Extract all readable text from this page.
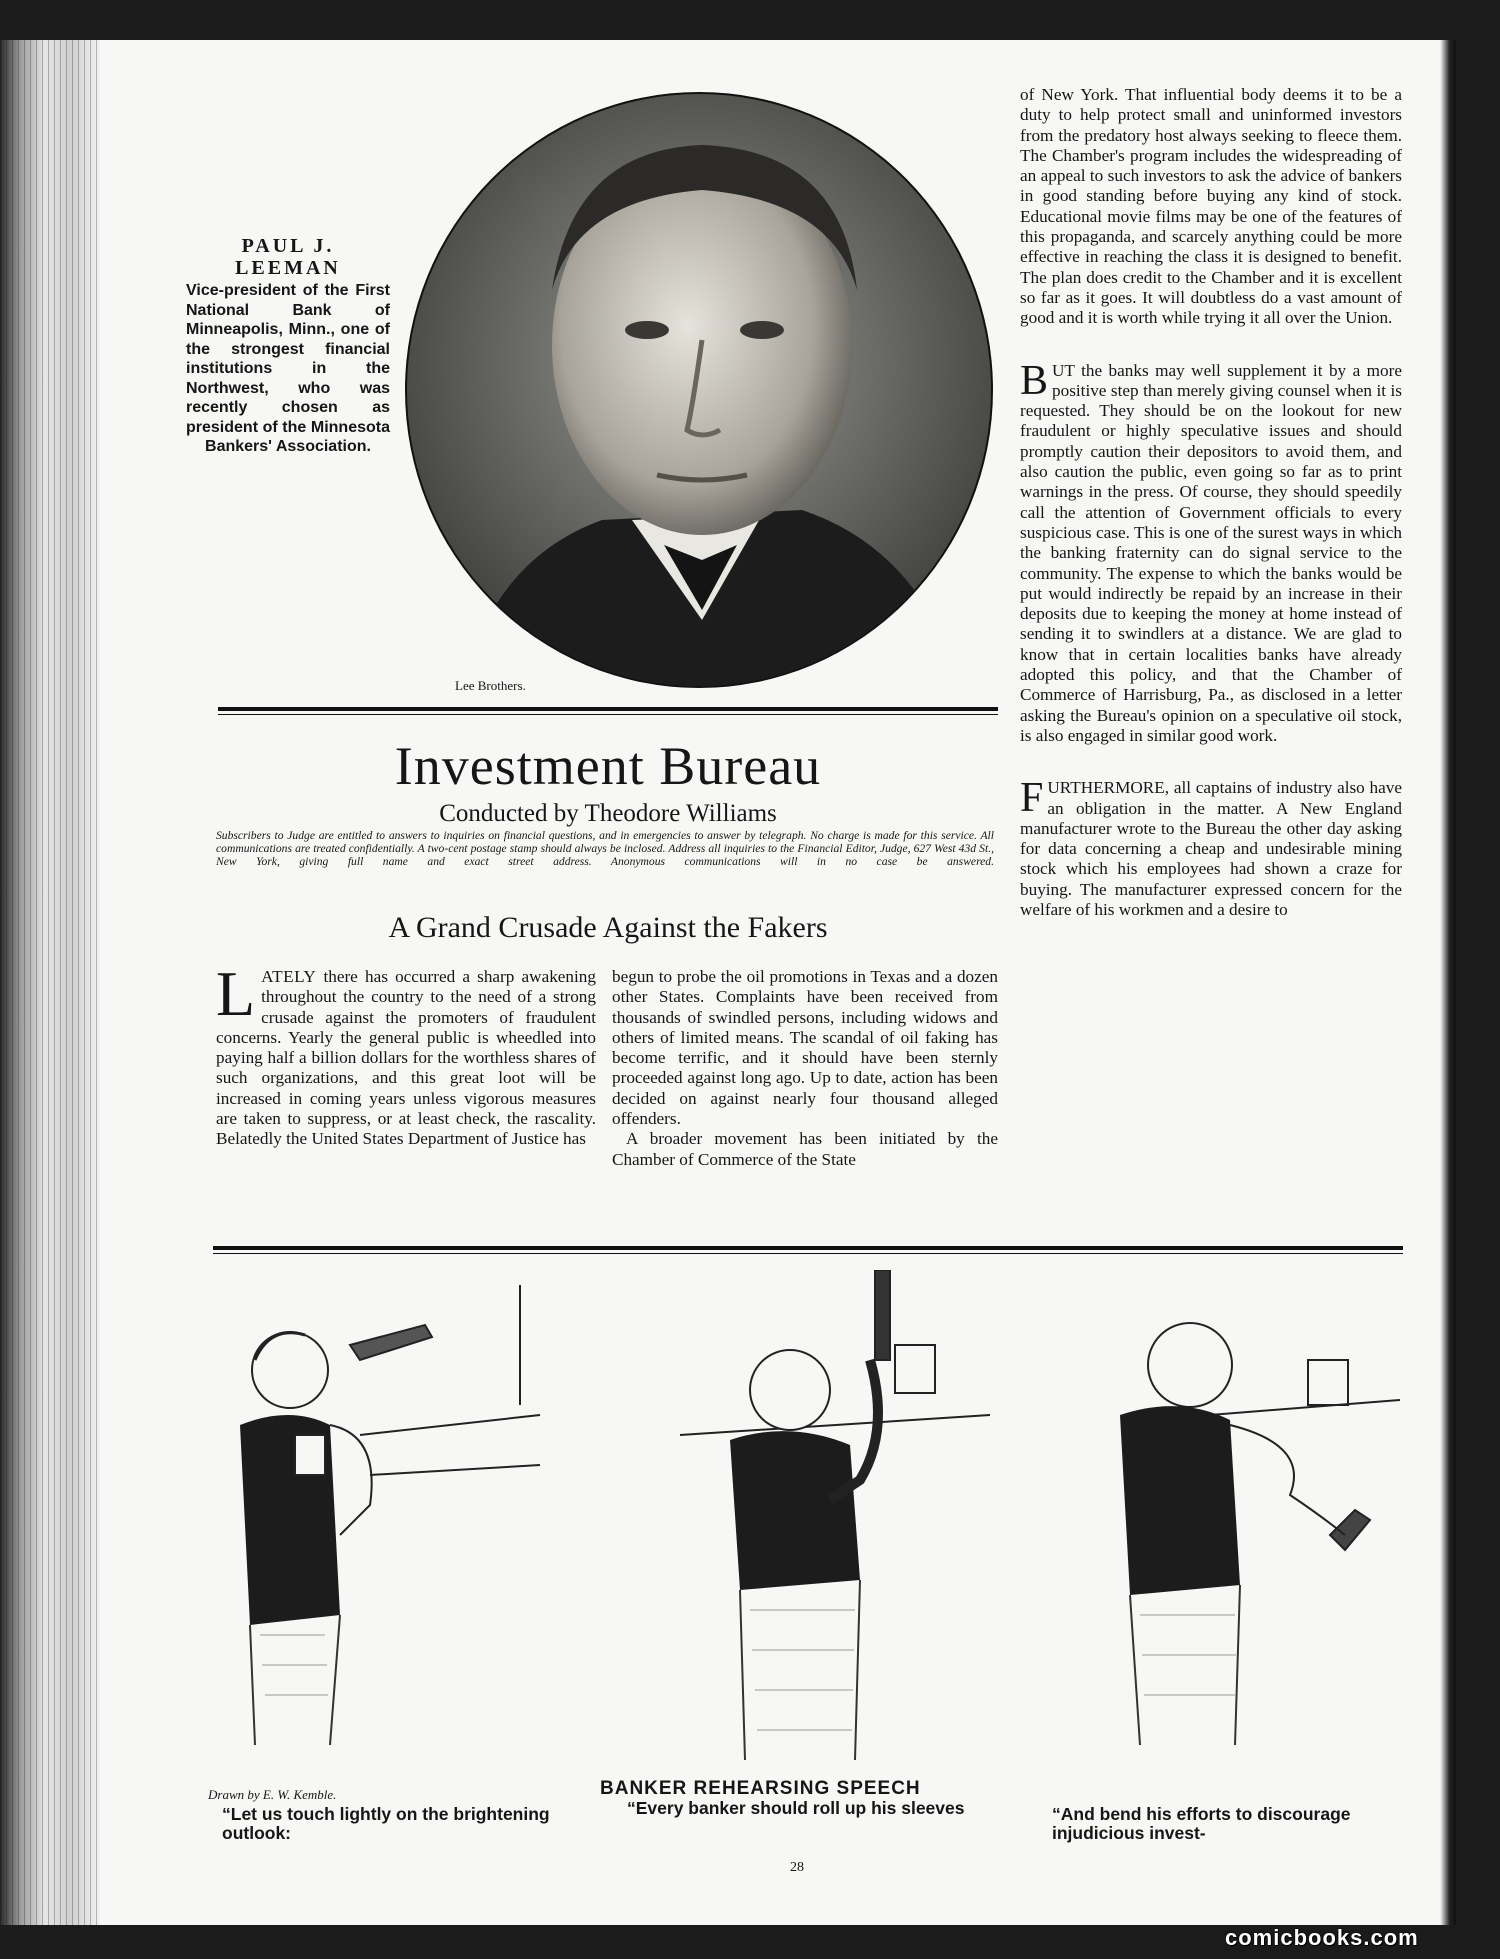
PAUL J.
LEEMAN
Vice-president of the First National Bank of Minneapolis, Minn., one of the strongest financial institutions in the Northwest, who was recently chosen as president of the Minnesota Bankers' Association.
Lee Brothers.
Investment Bureau
Conducted by Theodore Williams
Subscribers to Judge are entitled to answers to inquiries on financial questions, and in emergencies to answer by telegraph. No charge is made for this service. All communications are treated confidentially. A two-cent postage stamp should always be inclosed. Address all inquiries to the Financial Editor, Judge, 627 West 43d St., New York, giving full name and exact street address. Anonymous communications will in no case be answered.
A Grand Crusade Against the Fakers

LATELY there has occurred a sharp awakening throughout the country to the need of a strong crusade against the promoters of fraudulent concerns. Yearly the general public is wheedled into paying half a billion dollars for the worthless shares of such organizations, and this great loot will be increased in coming years unless vigorous measures are taken to suppress, or at least check, the rascality. Belatedly the United States Department of Justice has

begun to probe the oil promotions in Texas and a dozen other States. Complaints have been received from thousands of swindled persons, including widows and others of limited means. The scandal of oil faking has become terrific, and it should have been sternly proceeded against long ago. Up to date, action has been decided on against nearly four thousand alleged offenders.

A broader movement has been initiated by the Chamber of Commerce of the State

of New York. That influential body deems it to be a duty to help protect small and uninformed investors from the predatory host always seeking to fleece them. The Chamber's program includes the widespreading of an appeal to such investors to ask the advice of bankers in good standing before buying any kind of stock. Educational movie films may be one of the features of this propaganda, and scarcely anything could be more effective in reaching the class it is designed to benefit. The plan does credit to the Chamber and it is excellent so far as it goes. It will doubtless do a vast amount of good and it is worth while trying it all over the Union.

BUT the banks may well supplement it by a more positive step than merely giving counsel when it is requested. They should be on the lookout for new fraudulent or highly speculative issues and should promptly caution their depositors to avoid them, and also caution the public, even going so far as to print warnings in the press. Of course, they should speedily call the attention of Government officials to every suspicious case. This is one of the surest ways in which the banking fraternity can do signal service to the community. The expense to which the banks would be put would indirectly be repaid by an increase in their deposits due to keeping the money at home instead of sending it to swindlers at a distance. We are glad to know that in certain localities banks have already adopted this policy, and that the Chamber of Commerce of Harrisburg, Pa., as disclosed in a letter asking the Bureau's opinion on a speculative oil stock, is also engaged in similar good work.

FURTHERMORE, all captains of industry also have an obligation in the matter. A New England manufacturer wrote to the Bureau the other day asking for data concerning a cheap and undesirable mining stock which his employees had shown a craze for buying. The manufacturer expressed concern for the welfare of his workmen and a desire to

Drawn by E. W. Kemble.	BANKER REHEARSING SPEECH
“Let us touch lightly on the brightening outlook:
“Every banker should roll up his sleeves	“And bend his efforts to discourage injudicious invest-
28
comicbooks.com
